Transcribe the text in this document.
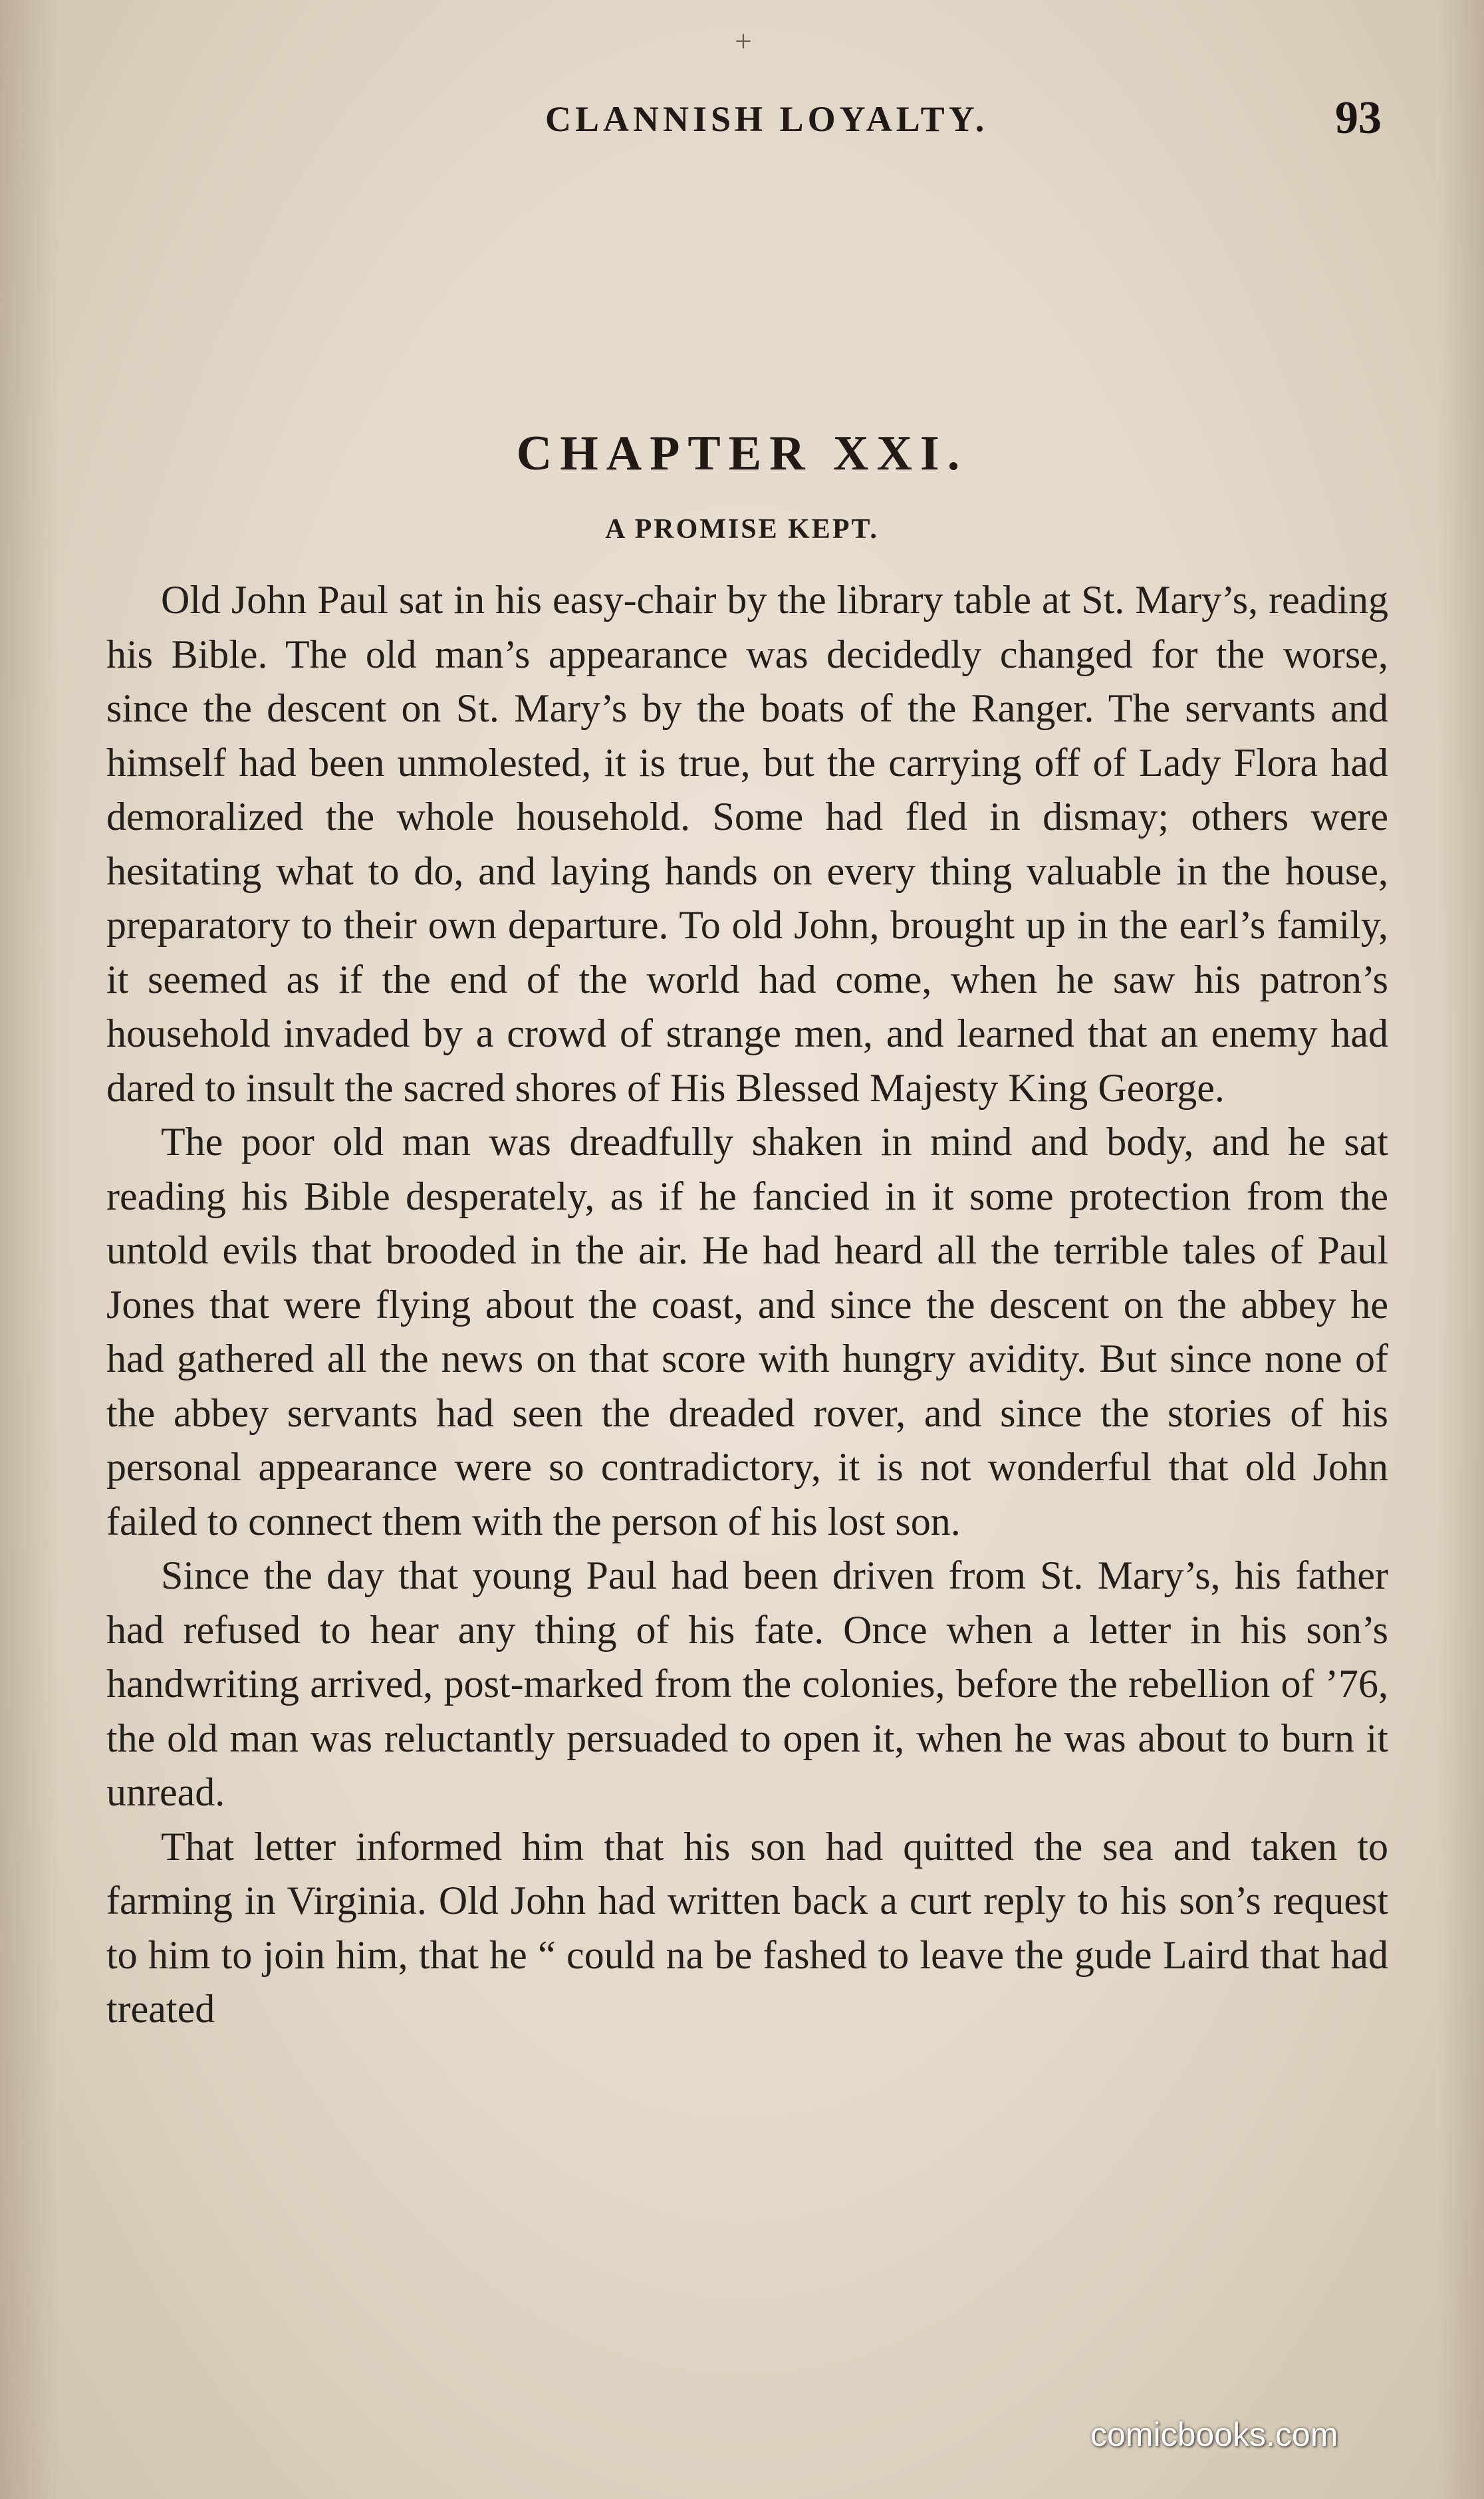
+
CLANNISH LOYALTY.	93
CHAPTER XXI.
A PROMISE KEPT.

Old John Paul sat in his easy-chair by the library table at St. Mary’s, reading his Bible. The old man’s appearance was decidedly changed for the worse, since the descent on St. Mary’s by the boats of the Ranger. The servants and himself had been unmolested, it is true, but the carrying off of Lady Flora had demoralized the whole household. Some had fled in dismay; others were hesitating what to do, and laying hands on every thing valuable in the house, preparatory to their own departure. To old John, brought up in the earl’s family, it seemed as if the end of the world had come, when he saw his patron’s household invaded by a crowd of strange men, and learned that an enemy had dared to insult the sacred shores of His Blessed Majesty King George.

The poor old man was dreadfully shaken in mind and body, and he sat reading his Bible desperately, as if he fancied in it some protection from the untold evils that brooded in the air. He had heard all the terrible tales of Paul Jones that were flying about the coast, and since the descent on the abbey he had gathered all the news on that score with hungry avidity. But since none of the abbey servants had seen the dreaded rover, and since the stories of his personal appearance were so contradictory, it is not wonderful that old John failed to connect them with the person of his lost son.

Since the day that young Paul had been driven from St. Mary’s, his father had refused to hear any thing of his fate. Once when a letter in his son’s handwriting arrived, post-marked from the colonies, before the rebellion of ’76, the old man was reluctantly persuaded to open it, when he was about to burn it unread.

That letter informed him that his son had quitted the sea and taken to farming in Virginia. Old John had written back a curt reply to his son’s request to him to join him, that he “ could na be fashed to leave the gude Laird that had treated

comicbooks.com
